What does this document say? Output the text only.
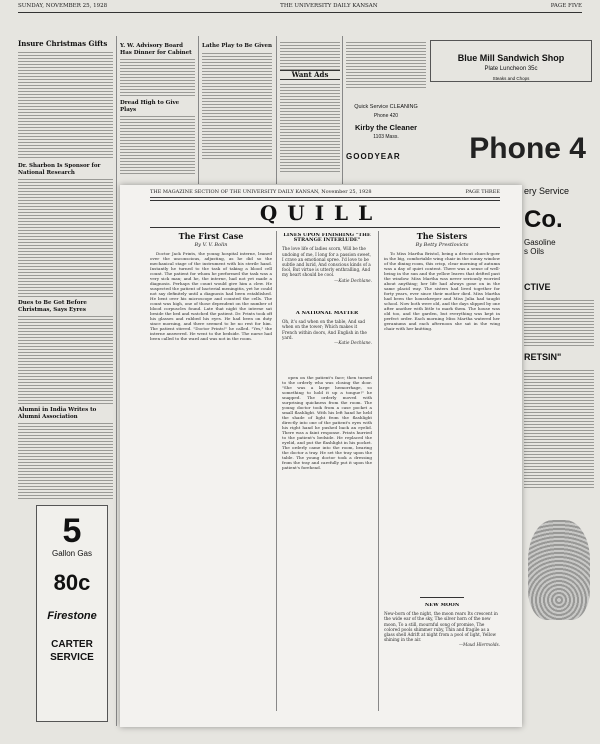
SUNDAY, NOVEMBER 25, 1928	THE UNIVERSITY DAILY KANSAN	PAGE FIVE
Insure Christmas Gifts
Dr. Sharbon Is Sponsor for National Research
Dues to Be Got Before Christmas, Says Eyres
Alumni in India Writes to Alumni Association
Y. W. Advisory Board Has Dinner for Cabinet
Dread High to Give Plays
Lathe Play to Be Given
Want Ads
Blue Mill Sandwich Shop
Plate Luncheon 35c
Steaks and Chops
Quick Service CLEANING
Phone 420
Kirby the Cleaner
1103 Mass.
GOODYEAR	Phone 4
ery Service
Co.
Gasoline
s Oils
CTIVE
RETSIN"
5
Gallon Gas
80c
Firestone
CARTER SERVICE
THE MAGAZINE SECTION OF THE UNIVERSITY DAILY KANSAN, November 25, 1928	PAGE THREE
QUILL
The First Case
By V. V. Bolin

Doctor Jack Prints, the young hospital interne, leaned over the unconscious, adjusting, as he did so the mechanical stage of the instrument with his sterile hand. Instantly he turned to the task of taking a blood cell count. The patient for whom he performed the task was a very sick man; and he, the interne, had not yet made a diagnosis. Perhaps the count would give him a clew. He suspected the patient of bacterial meningitis, yet he could not say definitely until a diagnosis had been established. He bent over his microscope and counted the cells. The count was high, one of those dependent on the number of blood corpuscles found. Late that night the interne sat beside the bed and watched the patient. Dr. Prints took off his glasses and rubbed his eyes. He had been on duty since morning, and there seemed to be no rest for him. The patient stirred. "Doctor Prints!" he called. "Yes," the interne answered. He went to the bedside. The nurse had been called to the ward and was not in the room.

LINES UPON FINISHING "THE STRANGE INTERLUDE"
The love life of ladies scorn, Will be the undoing of me, I long for a passion sweet, I crave an emotional spree. I'd love to be subtle and lurid, And conscious kinds of a fool, But virtue is utterly enthralling, And my heart should be cool.
—Katie Dechlane.
A NATIONAL MATTER
Oh, it's sad when on the table, And sad when on the tower; Which makes it French within doors, And English in the yard.
—Katie Dechlane.

open on the patient's face; then turned to the orderly who was closing the door. "She was a large hemorrhage, so something to hold it up a tongue!" he snapped. The orderly moved with surprising quickness from the room. The young doctor took from a case pocket a small flashlight. With his left hand he held the shade of light from the flashlight directly into one of the patient's eyes with his right hand he pushed back an eyelid. There was a faint response. Prints hurried to the patient's bedside. He replaced the eyelid, and put the flashlight in his pocket. The orderly came into the room, bearing the doctor a tray. He set the tray upon the table. The young doctor took a dressing from the tray and carefully put it upon the patient's forehead.

The Sisters
By Betty Prestlovicts

To Miss Martha Bristol, being a devout church-goer in the big, comfortable wing chair in the sunny window of the dining room, this crisp, clear morning of autumn was a day of quiet content. There was a sense of well-being in the sun and the yellow leaves that drifted past the window. Miss Martha was never seriously worried about anything; her life had always gone on in the same placid way. The sisters had lived together for forty years, ever since their mother died. Miss Martha had been the housekeeper and Miss Julia had taught school. Now both were old, and the days slipped by one after another with little to mark them. The house was old too, and the garden, but everything was kept in perfect order. Each morning Miss Martha watered her geraniums and each afternoon she sat in the wing chair with her knitting.

NEW MOON
New-born of the night, the moon rears Its crescent in the wide ear of the sky, The silver horn of the new moon, To a still, mournful song of promise, The colored pools shimmer ruby, Thin and fragile as a glass shell Adrift at night from a pool of light, Yellow shining in the air.
—Maud Hlermolds.
